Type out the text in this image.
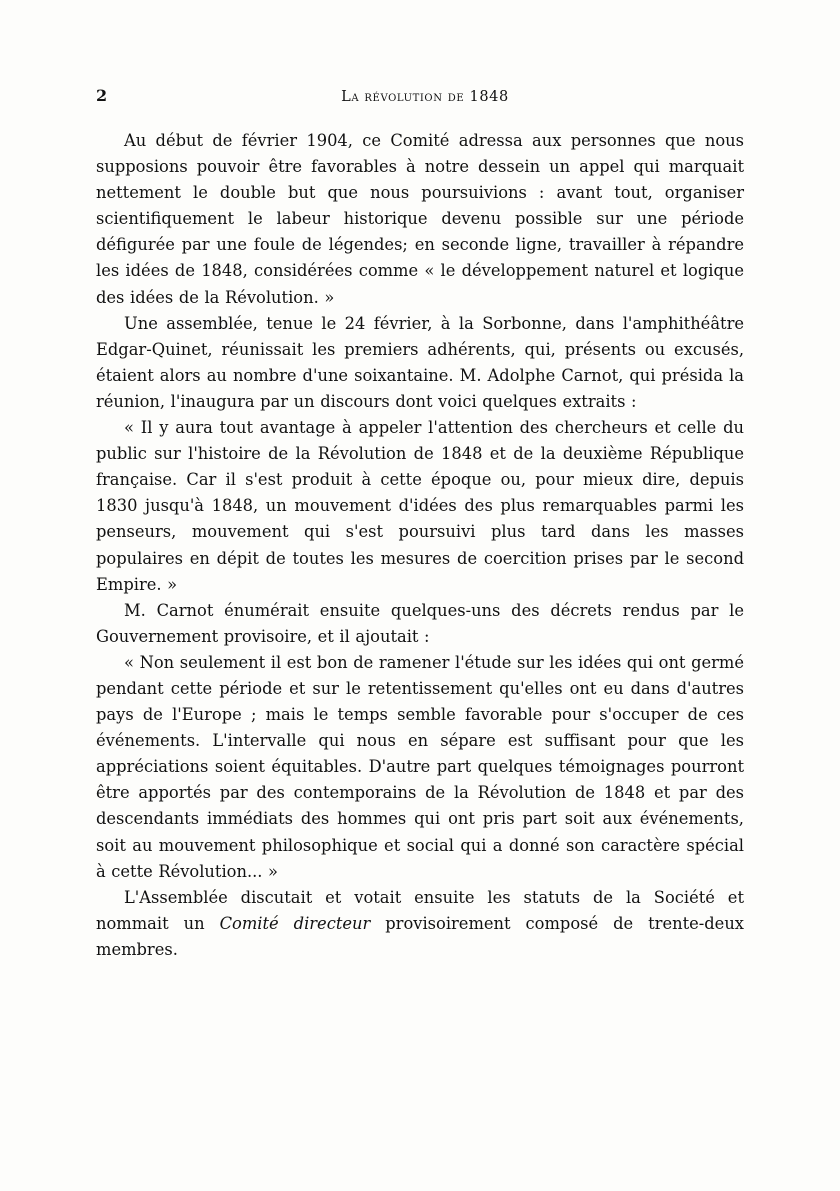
2	la révolution de 1848

Au début de février 1904, ce Comité adressa aux personnes que nous supposions pouvoir être favorables à notre dessein un appel qui marquait nettement le double but que nous poursuivions : avant tout, organiser scientifiquement le labeur historique devenu possible sur une période défigurée par une foule de légendes; en seconde ligne, travailler à répandre les idées de 1848, considérées comme « le développement naturel et logique des idées de la Révolution. »

Une assemblée, tenue le 24 février, à la Sorbonne, dans l'amphithéâtre Edgar-Quinet, réunissait les premiers adhérents, qui, présents ou excusés, étaient alors au nombre d'une soixantaine. M. Adolphe Carnot, qui présida la réunion, l'inaugura par un discours dont voici quelques extraits :

« Il y aura tout avantage à appeler l'attention des chercheurs et celle du public sur l'histoire de la Révolution de 1848 et de la deuxième République française. Car il s'est produit à cette époque ou, pour mieux dire, depuis 1830 jusqu'à 1848, un mouvement d'idées des plus remarquables parmi les penseurs, mouvement qui s'est poursuivi plus tard dans les masses populaires en dépit de toutes les mesures de coercition prises par le second Empire. »

M. Carnot énumérait ensuite quelques-uns des décrets rendus par le Gouvernement provisoire, et il ajoutait :

« Non seulement il est bon de ramener l'étude sur les idées qui ont germé pendant cette période et sur le retentissement qu'elles ont eu dans d'autres pays de l'Europe ; mais le temps semble favorable pour s'occuper de ces événements. L'intervalle qui nous en sépare est suffisant pour que les appréciations soient équitables. D'autre part quelques témoignages pourront être apportés par des contemporains de la Révolution de 1848 et par des descendants immédiats des hommes qui ont pris part soit aux événements, soit au mouvement philosophique et social qui a donné son caractère spécial à cette Révolution... »

L'Assemblée discutait et votait ensuite les statuts de la Société et nommait un Comité directeur provisoirement composé de trente-deux membres.
